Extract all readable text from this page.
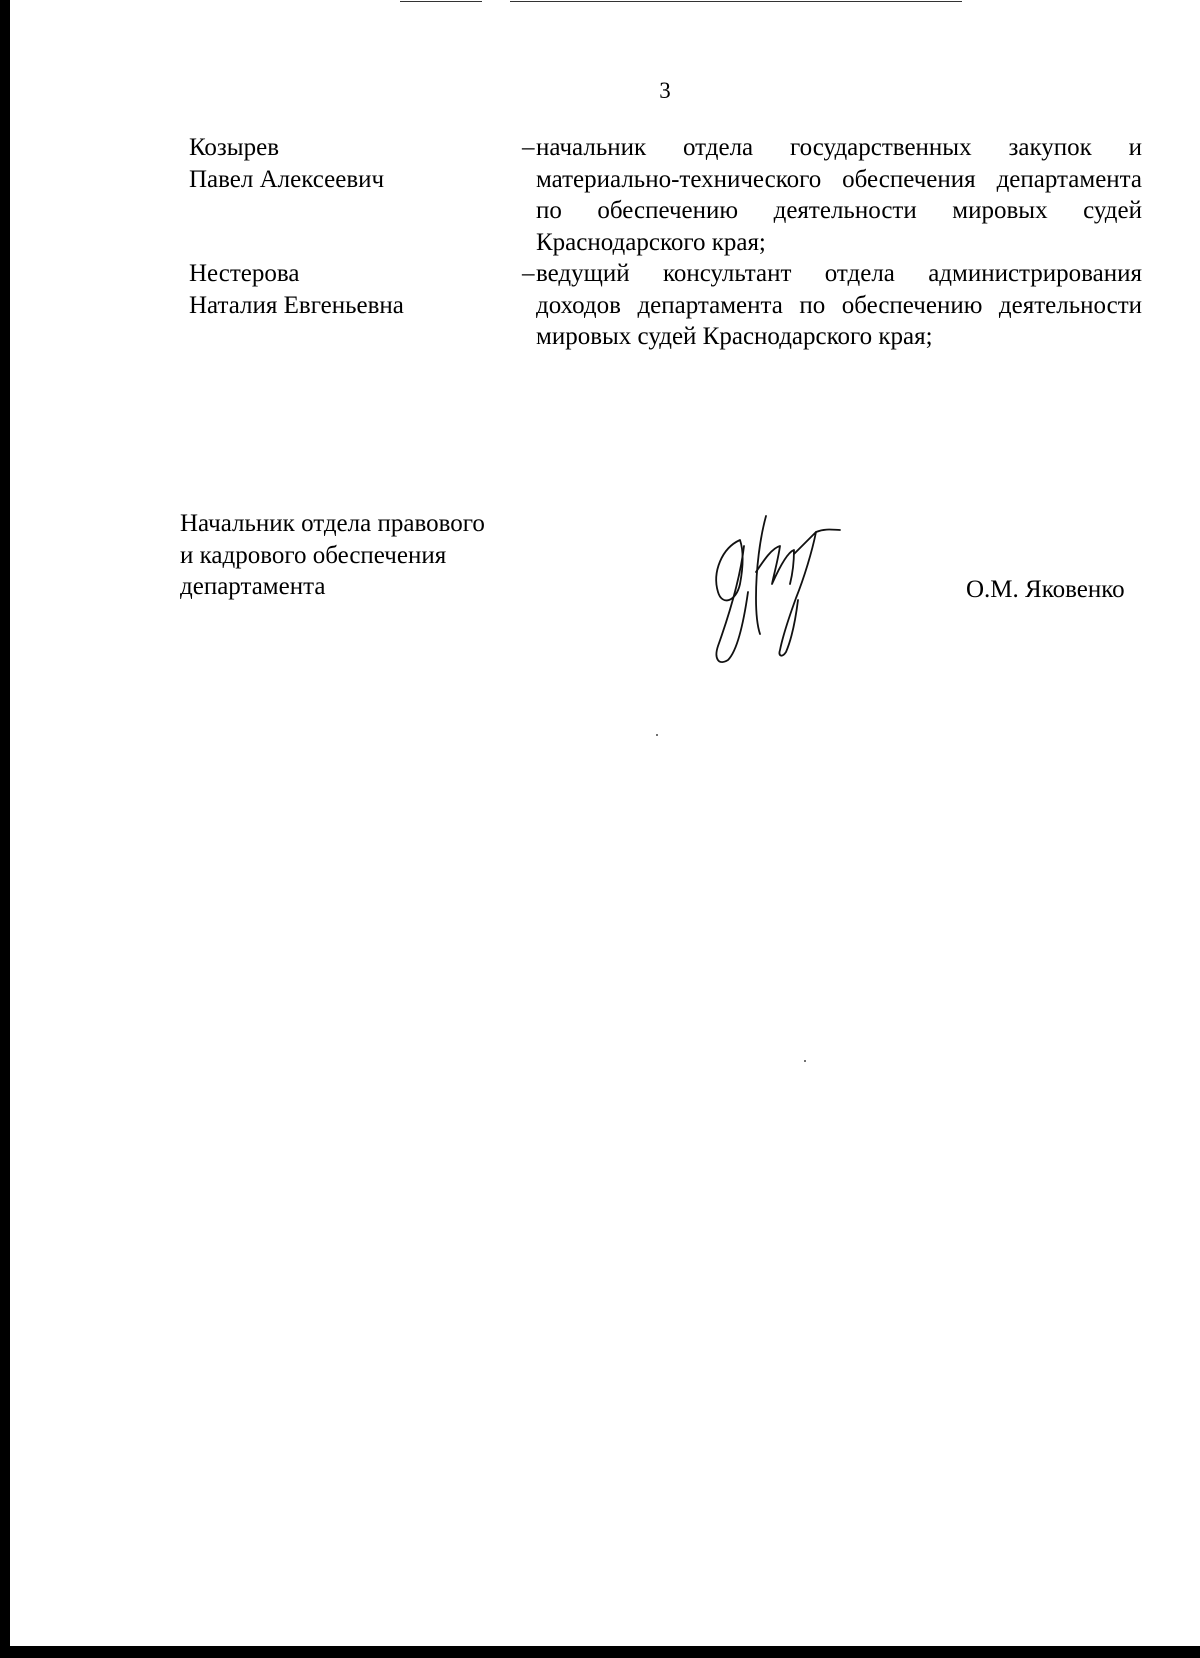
3
Козырев
Павел Алексеевич
– начальник отдела государственных закупок и материально-технического обеспечения департамента по обеспечению деятельности мировых судей Краснодарского края;
Нестерова
Наталия Евгеньевна
– ведущий консультант отдела администрирования доходов департамента по обеспечению деятельности мировых судей Краснодарского края;
Начальник отдела правового
и кадрового обеспечения
департамента	О.М. Яковенко
